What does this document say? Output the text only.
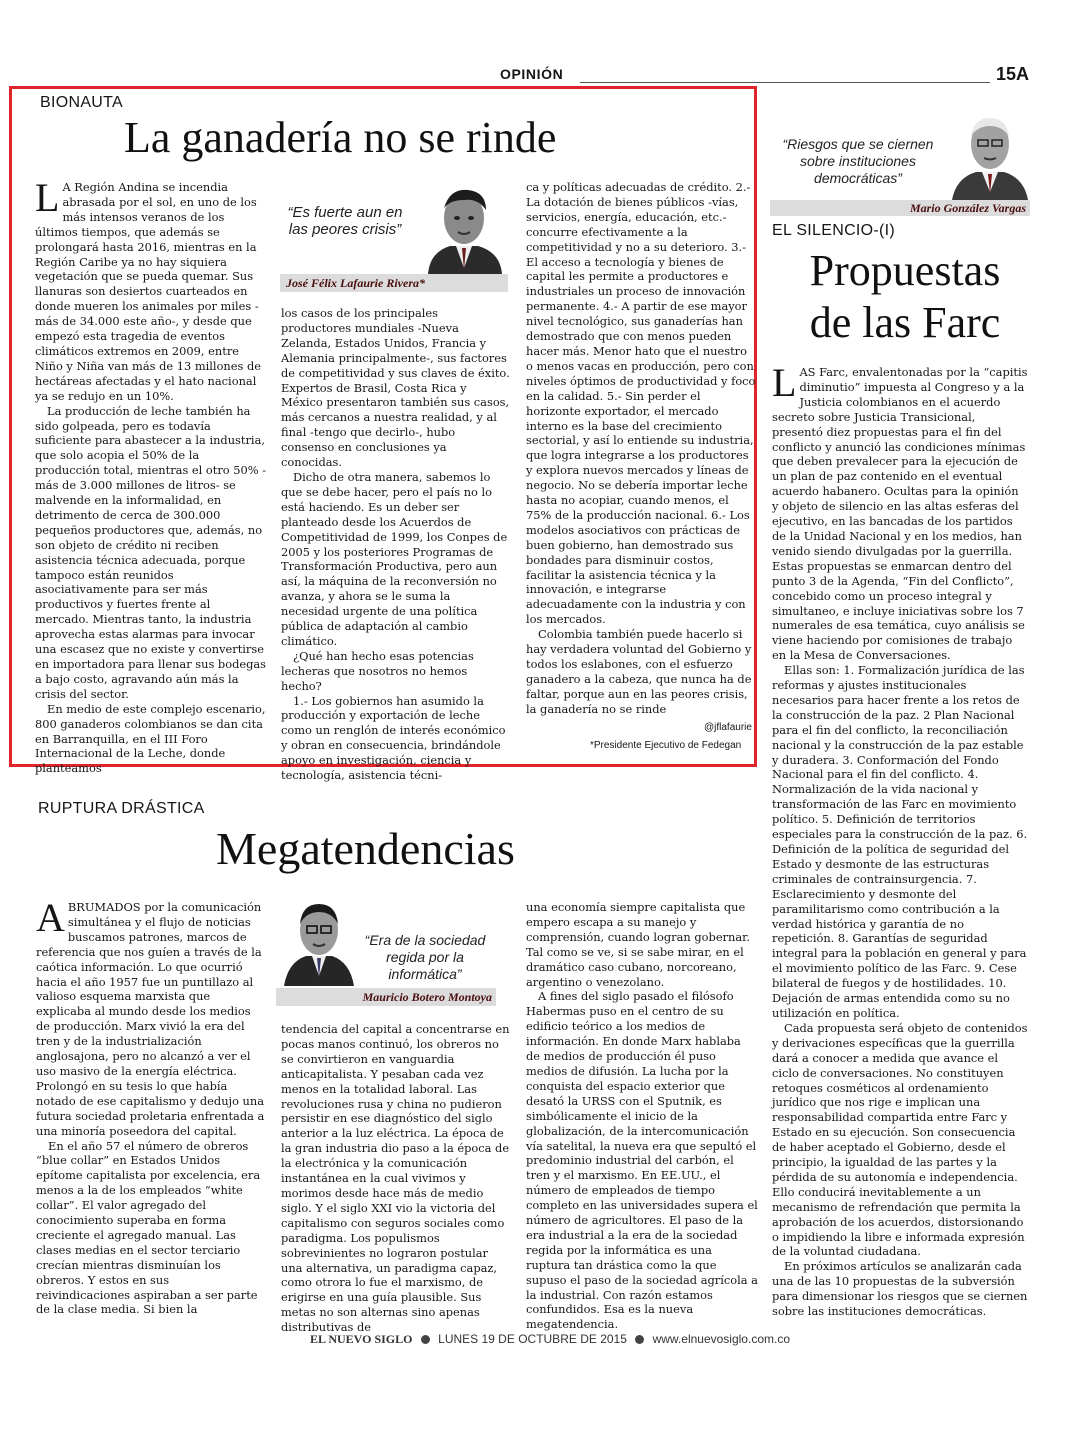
OPINIÓN	15A
BIONAUTA
La ganadería no se rinde

L A Región Andina se incendia abrasada por el sol, en uno de los más intensos veranos de los últimos tiempos, que además se prolongará hasta 2016, mientras en la Región Caribe ya no hay siquiera vegetación que se pueda quemar. Sus llanuras son desiertos cuarteados en donde mueren los animales por miles -más de 34.000 este año-, y desde que empezó esta tragedia de eventos climáticos extremos en 2009, entre Niño y Niña van más de 13 millones de hectáreas afectadas y el hato nacional ya se redujo en un 10%.

La producción de leche también ha sido golpeada, pero es todavía suficiente para abastecer a la industria, que solo acopia el 50% de la producción total, mientras el otro 50% -más de 3.000 millones de litros- se malvende en la informalidad, en detrimento de cerca de 300.000 pequeños productores que, además, no son objeto de crédito ni reciben asistencia técnica adecuada, porque tampoco están reunidos asociativamente para ser más productivos y fuertes frente al mercado. Mientras tanto, la industria aprovecha estas alarmas para invocar una escasez que no existe y convertirse en importadora para llenar sus bodegas a bajo costo, agravando aún más la crisis del sector.

En medio de este complejo escenario, 800 ganaderos colombianos se dan cita en Barranquilla, en el III Foro Internacional de la Leche, donde planteamos

“Es fuerte aun en las peores crisis”
José Félix Lafaurie Rivera*

los casos de los principales productores mundiales -Nueva Zelanda, Estados Unidos, Francia y Alemania principalmente-, sus factores de competitividad y sus claves de éxito. Expertos de Brasil, Costa Rica y México presentaron también sus casos, más cercanos a nuestra realidad, y al final -tengo que decirlo-, hubo consenso en conclusiones ya conocidas.

Dicho de otra manera, sabemos lo que se debe hacer, pero el país no lo está haciendo. Es un deber ser planteado desde los Acuerdos de Competitividad de 1999, los Conpes de 2005 y los posteriores Programas de Transformación Productiva, pero aun así, la máquina de la reconversión no avanza, y ahora se le suma la necesidad urgente de una política pública de adaptación al cambio climático.

¿Qué han hecho esas potencias lecheras que nosotros no hemos hecho?

1.- Los gobiernos han asumido la producción y exportación de leche como un renglón de interés económico y obran en consecuencia, brindándole apoyo en investigación, ciencia y tecnología, asistencia técni-

ca y políticas adecuadas de crédito. 2.- La dotación de bienes públicos -vías, servicios, energía, educación, etc.- concurre efectivamente a la competitividad y no a su deterioro. 3.- El acceso a tecnología y bienes de capital les permite a productores e industriales un proceso de innovación permanente. 4.- A partir de ese mayor nivel tecnológico, sus ganaderías han demostrado que con menos pueden hacer más. Menor hato que el nuestro o menos vacas en producción, pero con niveles óptimos de productividad y foco en la calidad. 5.- Sin perder el horizonte exportador, el mercado interno es la base del crecimiento sectorial, y así lo entiende su industria, que logra integrarse a los productores y explora nuevos mercados y líneas de negocio. No se debería importar leche hasta no acopiar, cuando menos, el 75% de la producción nacional. 6.- Los modelos asociativos con prácticas de buen gobierno, han demostrado sus bondades para disminuir costos, facilitar la asistencia técnica y la innovación, e integrarse adecuadamente con la industria y con los mercados.

Colombia también puede hacerlo si hay verdadera voluntad del Gobierno y todos los eslabones, con el esfuerzo ganadero a la cabeza, que nunca ha de faltar, porque aun en las peores crisis, la ganadería no se rinde

@jflafaurie
*Presidente Ejecutivo de Fedegan
“Riesgos que se ciernen sobre instituciones democráticas”
Mario González Vargas
EL SILENCIO-(I)
Propuestas
de las Farc

LAS Farc, envalentonadas por la “capitis diminutio” impuesta al Congreso y a la Justicia colombianos en el acuerdo secreto sobre Justicia Transicional, presentó diez propuestas para el fin del conflicto y anunció las condiciones mínimas que deben prevalecer para la ejecución de un plan de paz contenido en el eventual acuerdo habanero. Ocultas para la opinión y objeto de silencio en las altas esferas del ejecutivo, en las bancadas de los partidos de la Unidad Nacional y en los medios, han venido siendo divulgadas por la guerrilla. Estas propuestas se enmarcan dentro del punto 3 de la Agenda, “Fin del Conflicto”, concebido como un proceso integral y simultaneo, e incluye iniciativas sobre los 7 numerales de esa temática, cuyo análisis se viene haciendo por comisiones de trabajo en la Mesa de Conversaciones.

Ellas son: 1. Formalización jurídica de las reformas y ajustes institucionales necesarios para hacer frente a los retos de la construcción de la paz. 2 Plan Nacional para el fin del conflicto, la reconciliación nacional y la construcción de la paz estable y duradera. 3. Conformación del Fondo Nacional para el fin del conflicto. 4. Normalización de la vida nacional y transformación de las Farc en movimiento político. 5. Definición de territorios especiales para la construcción de la paz. 6. Definición de la política de seguridad del Estado y desmonte de las estructuras criminales de contrainsurgencia. 7. Esclarecimiento y desmonte del paramilitarismo como contribución a la verdad histórica y garantía de no repetición. 8. Garantías de seguridad integral para la población en general y para el movimiento político de las Farc. 9. Cese bilateral de fuegos y de hostilidades. 10. Dejación de armas entendida como su no utilización en política.

Cada propuesta será objeto de contenidos y derivaciones específicas que la guerrilla dará a conocer a medida que avance el ciclo de conversaciones. No constituyen retoques cosméticos al ordenamiento jurídico que nos rige e implican una responsabilidad compartida entre Farc y Estado en su ejecución. Son consecuencia de haber aceptado el Gobierno, desde el principio, la igualdad de las partes y la pérdida de su autonomía e independencia. Ello conducirá inevitablemente a un mecanismo de refrendación que permita la aprobación de los acuerdos, distorsionando o impidiendo la libre e informada expresión de la voluntad ciudadana.

En próximos artículos se analizarán cada una de las 10 propuestas de la subversión para dimensionar los riesgos que se ciernen sobre las instituciones democráticas.

RUPTURA DRÁSTICA
Megatendencias

ABRUMADOS por la comunicación simultánea y el flujo de noticias buscamos patrones, marcos de referencia que nos guíen a través de la caótica información. Lo que ocurrió hacia el año 1957 fue un puntillazo al valioso esquema marxista que explicaba al mundo desde los medios de producción. Marx vivió la era del tren y de la industrialización anglosajona, pero no alcanzó a ver el uso masivo de la energía eléctrica. Prolongó en su tesis lo que había notado de ese capitalismo y dedujo una futura sociedad proletaria enfrentada a una minoría poseedora del capital.

En el año 57 el número de obreros “blue collar” en Estados Unidos epítome capitalista por excelencia, era menos a la de los empleados “white collar”. El valor agregado del conocimiento superaba en forma creciente el agregado manual. Las clases medias en el sector terciario crecían mientras disminuían los obreros. Y estos en sus reivindicaciones aspiraban a ser parte de la clase media. Si bien la

“Era de la sociedad regida por la informática”
Mauricio Botero Montoya

tendencia del capital a concentrarse en pocas manos continuó, los obreros no se convirtieron en vanguardia anticapitalista. Y pesaban cada vez menos en la totalidad laboral. Las revoluciones rusa y china no pudieron persistir en ese diagnóstico del siglo anterior a la luz eléctrica. La época de la gran industria dio paso a la época de la electrónica y la comunicación instantánea en la cual vivimos y morimos desde hace más de medio siglo. Y el siglo XXI vio la victoria del capitalismo con seguros sociales como paradigma. Los populismos sobrevinientes no lograron postular una alternativa, un paradigma capaz, como otrora lo fue el marxismo, de erigirse en una guía plausible. Sus metas no son alternas sino apenas distributivas de

una economía siempre capitalista que empero escapa a su manejo y comprensión, cuando logran gobernar. Tal como se ve, si se sabe mirar, en el dramático caso cubano, norcoreano, argentino o venezolano.

A fines del siglo pasado el filósofo Habermas puso en el centro de su edificio teórico a los medios de información. En donde Marx hablaba de medios de producción él puso medios de difusión. La lucha por la conquista del espacio exterior que desató la URSS con el Sputnik, es simbólicamente el inicio de la globalización, de la intercomunicación vía satelital, la nueva era que sepultó el predominio industrial del carbón, el tren y el marxismo. En EE.UU., el número de empleados de tiempo completo en las universidades supera el número de agricultores. El paso de la era industrial a la era de la sociedad regida por la informática es una ruptura tan drástica como la que supuso el paso de la sociedad agrícola a la industrial. Con razón estamos confundidos. Esa es la nueva megatendencia.

EL NUEVO SIGLO LUNES 19 DE OCTUBRE DE 2015 www.elnuevosiglo.com.co
